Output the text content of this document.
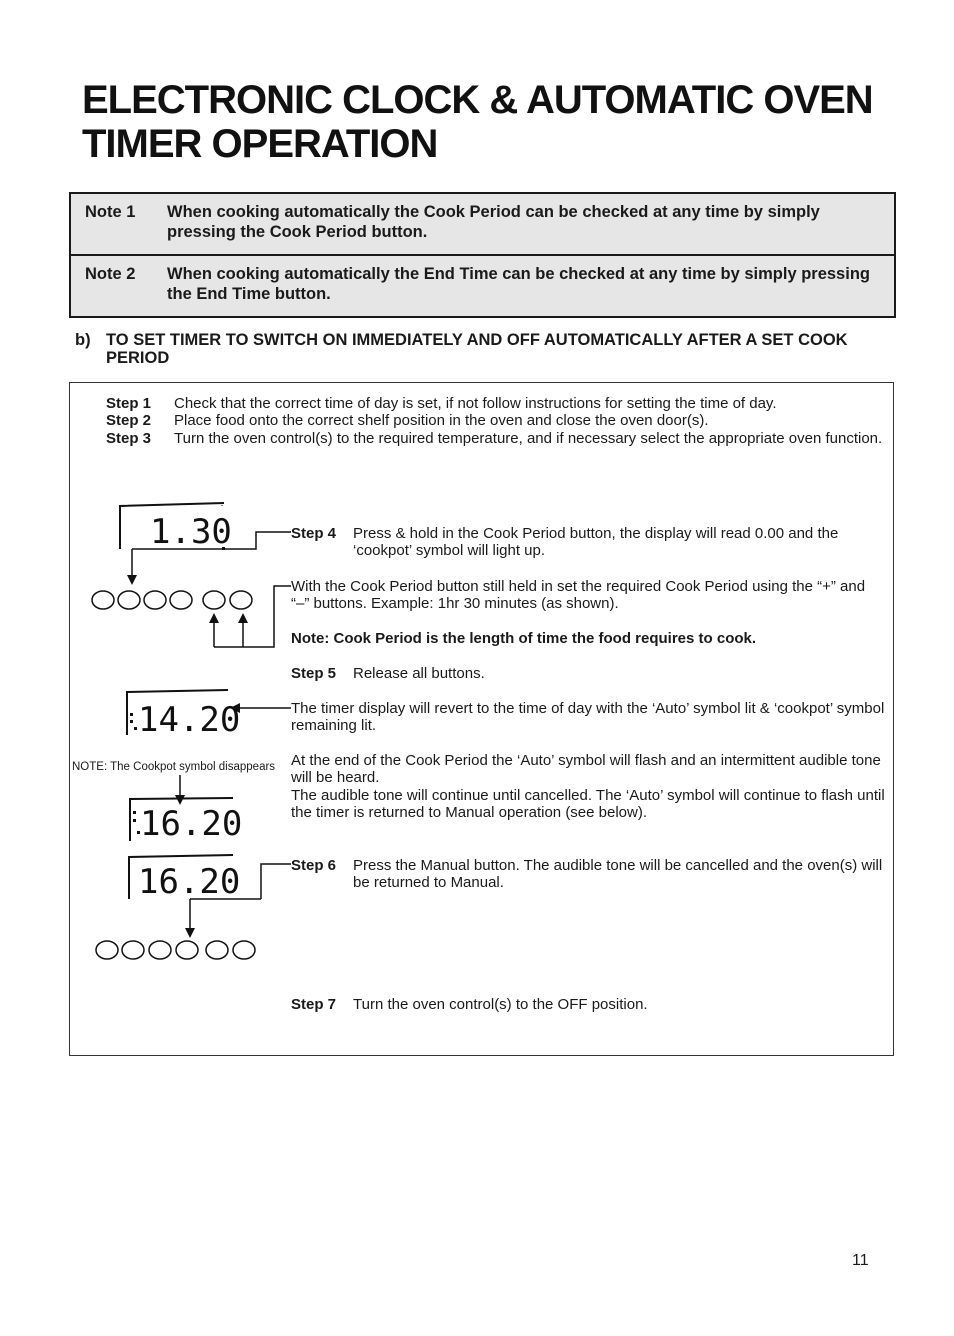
ELECTRONIC CLOCK & AUTOMATIC OVEN TIMER OPERATION
Note 1	When cooking automatically the Cook Period can be checked at any time by simply pressing the Cook Period button.
Note 2	When cooking automatically the End Time can be checked at any time by simply pressing the End Time button.
b) TO SET TIMER TO SWITCH ON IMMEDIATELY AND OFF AUTOMATICALLY AFTER A SET COOK PERIOD
Step 1	Check that the correct time of day is set, if not follow instructions for setting the time of day.
Step 2	Place food onto the correct shelf position in the oven and close the oven door(s).
Step 3	Turn the oven control(s) to the required temperature, and if necessary select the appropriate oven function.
Step 4	Press & hold in the Cook Period button, the display will read 0.00 and the ‘cookpot’ symbol will light up.
With the Cook Period button still held in set the required Cook Period using the “+” and “–” buttons. Example: 1hr 30 minutes (as shown).
Note: Cook Period is the length of time the food requires to cook.
Step 5	Release all buttons.
The timer display will revert to the time of day with the ‘Auto’ symbol lit & ‘cookpot’ symbol remaining lit.
At the end of the Cook Period the ‘Auto’ symbol will flash and an intermittent audible tone will be heard.
The audible tone will continue until cancelled. The ‘Auto’ symbol will continue to flash until the timer is returned to Manual operation (see below).
Step 6	Press the Manual button. The audible tone will be cancelled and the oven(s) will be returned to Manual.
Step 7	Turn the oven control(s) to the OFF position.
NOTE: The Cookpot symbol disappears
1.30
14.20
16.20
16.20
11
